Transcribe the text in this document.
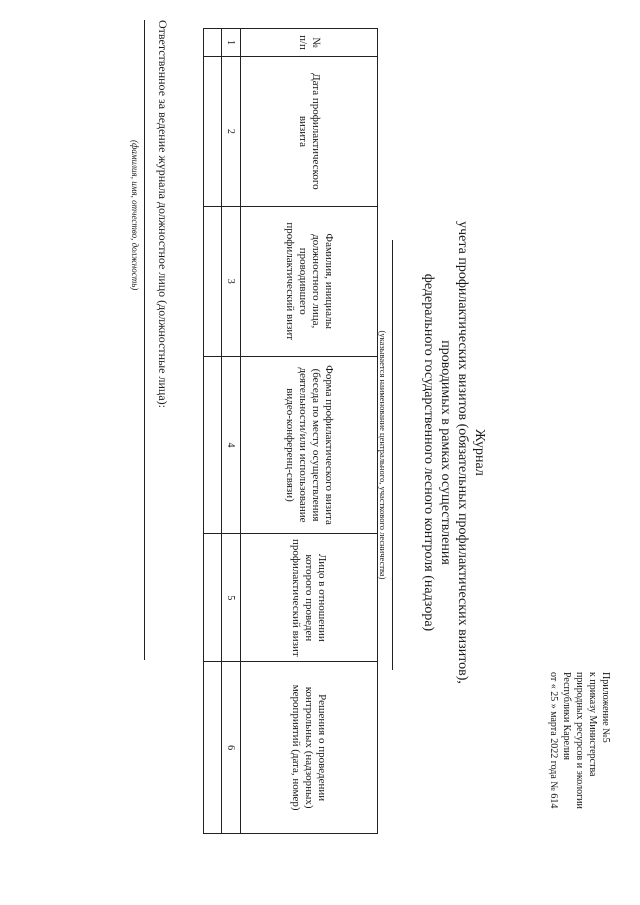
Приложение №5
к приказу Министерства
природных ресурсов и экологии
Республики Карелия
от « 25 » марта 2022 года № 614
Журнал
учета профилактических визитов (обязательных профилактических визитов),
проводимых в рамках осуществления
федерального государственного лесного контроля (надзора)
(указывается наименование центрального, участкового лесничества)
№ п/п	Дата профилактического визита	Фамилия, инициалы должностного лица, проводившего профилактический визит	Форма профилактического визита (беседа по месту осуществления деятельности/или использование видео-конференц-связи)	Лицо в отношении которого проведен профилактический визит	Решения о проведении контрольных (надзорных) мероприятий (дата, номер)
1	2	3	4	5	6

Ответственное за ведение журнала должностное лицо (должностные лица):
(фамилия, имя, отчество, должность)
